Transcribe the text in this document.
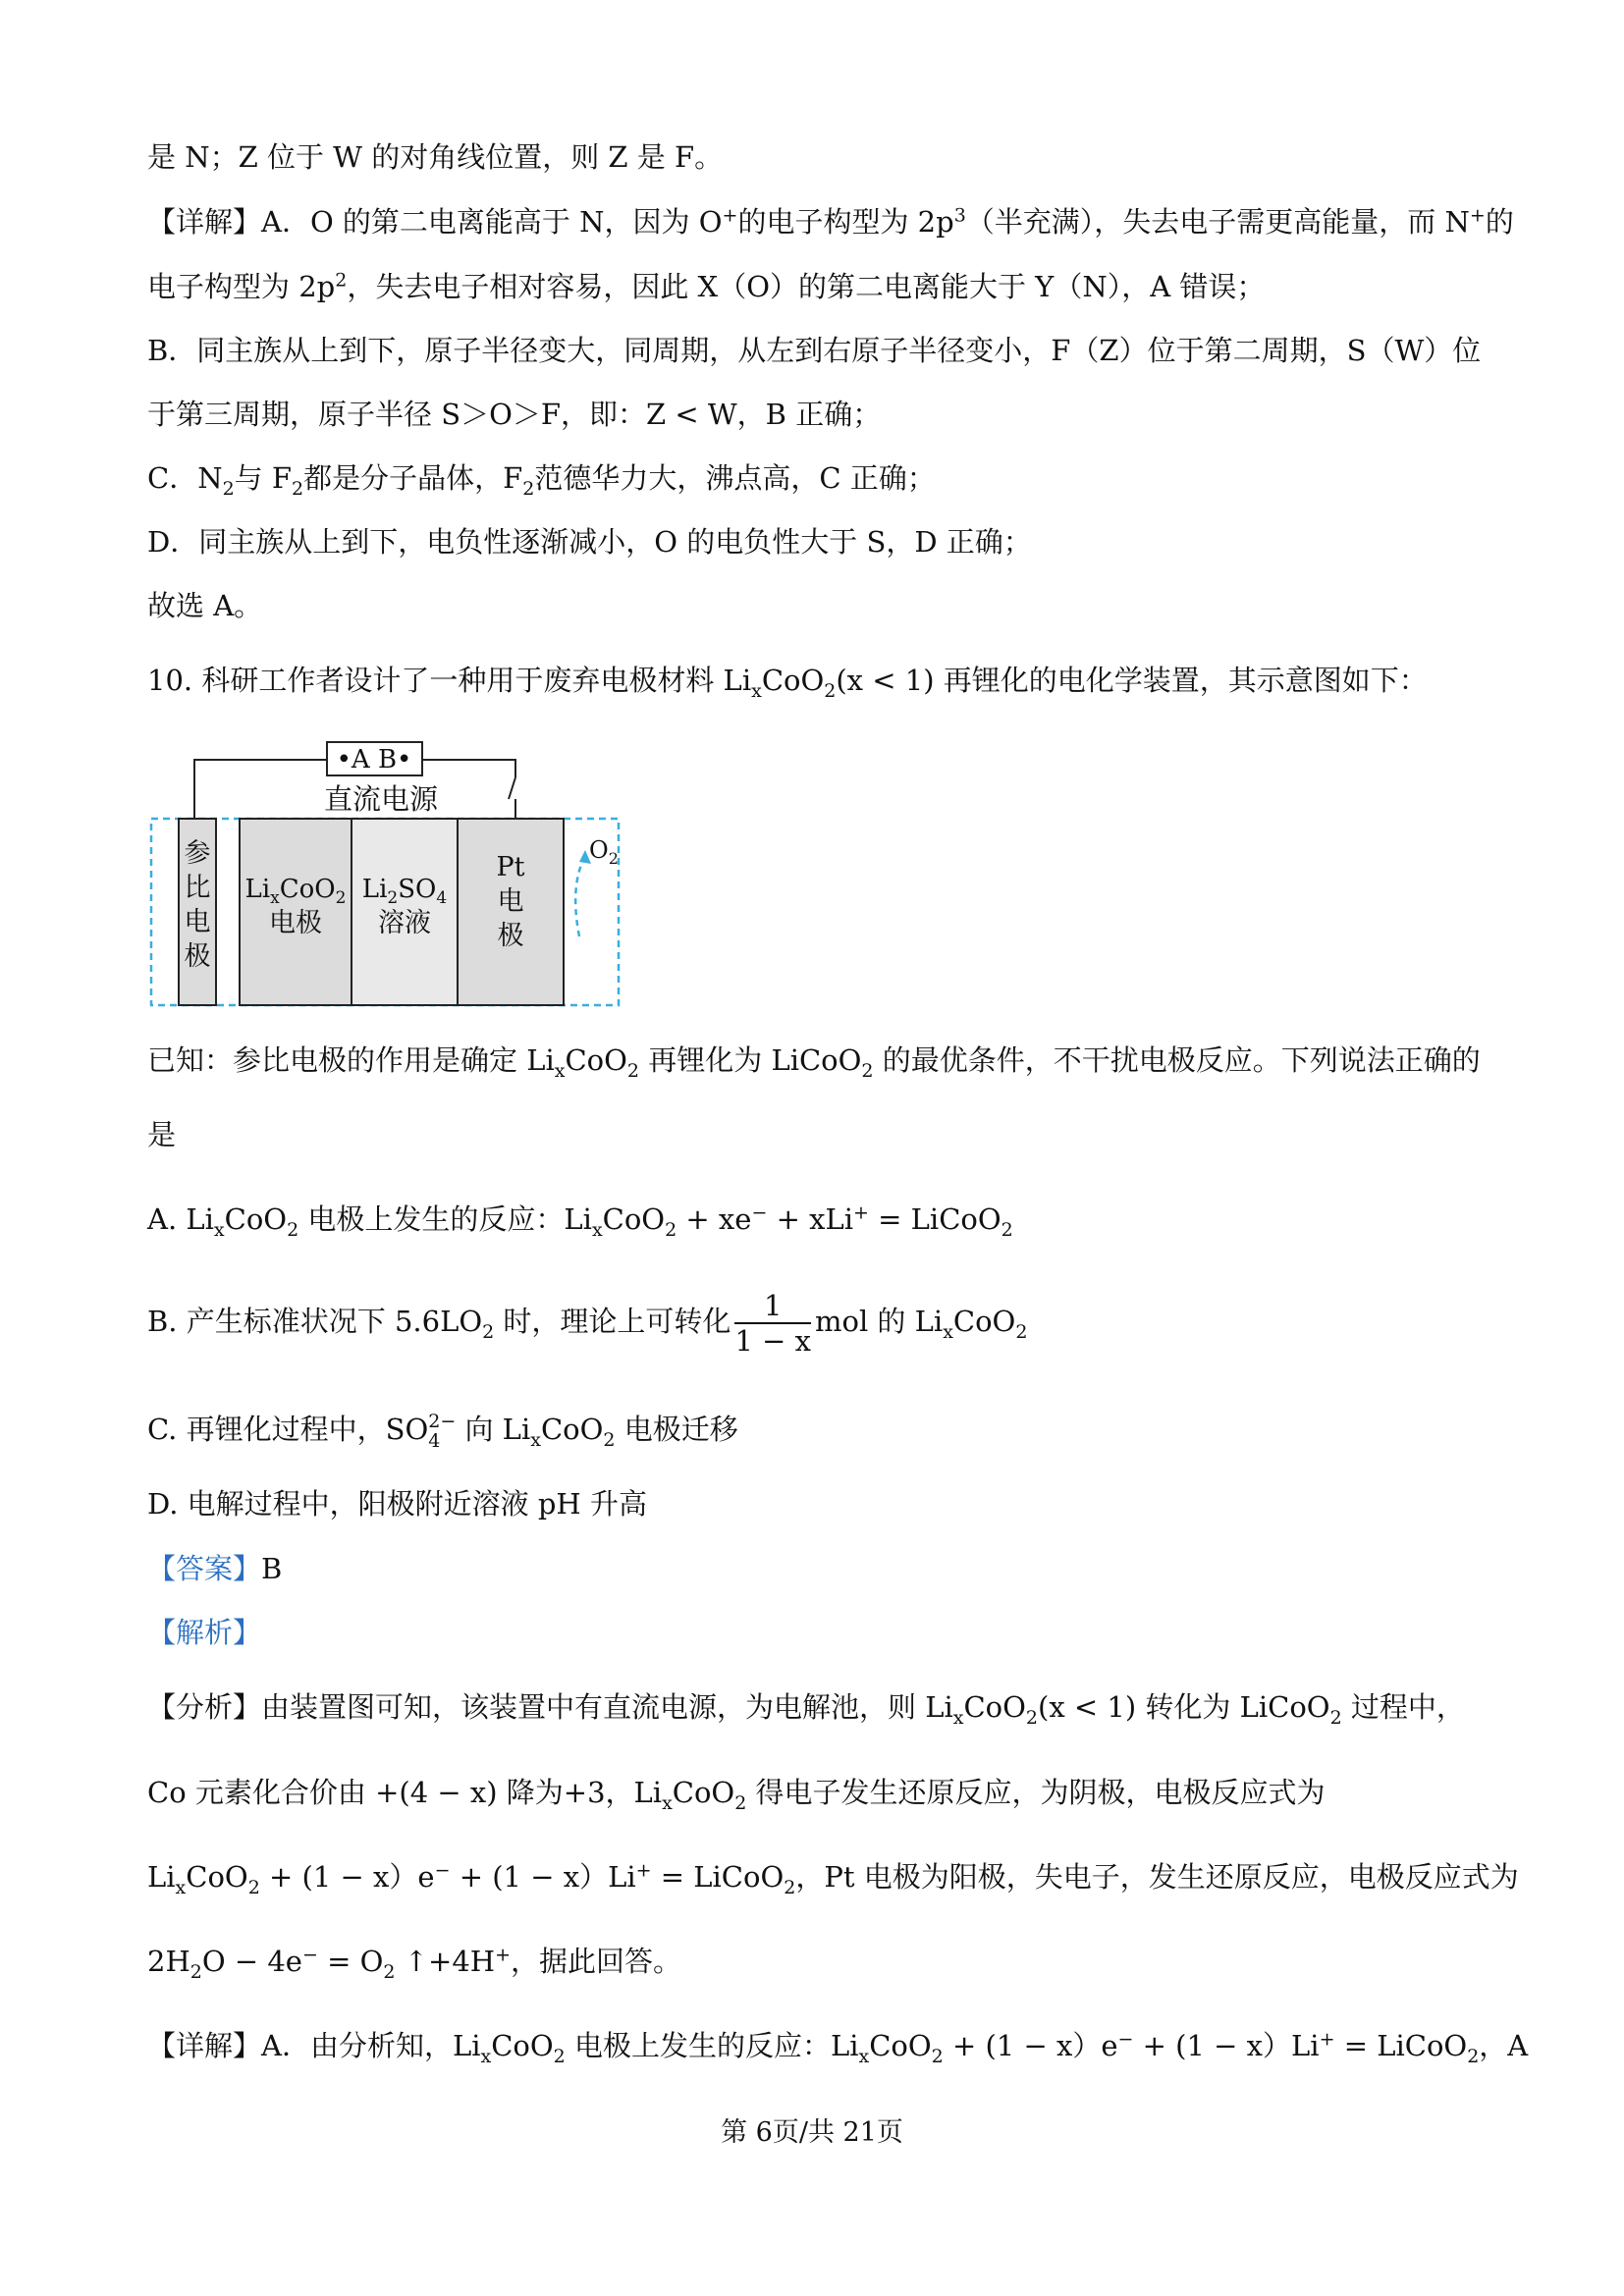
是 N；Z 位于 W 的对角线位置，则 Z 是 F。
【详解】A．O 的第二电离能高于 N，因为 O+的电子构型为 $2p^3$（半充满），失去电子需更高能量，而 N+的
电子构型为 $2p^2$，失去电子相对容易，因此 X（O）的第二电离能大于 Y（N），A 错误；
B．同主族从上到下，原子半径变大，同周期，从左到右原子半径变小，F（Z）位于第二周期，S（W）位
于第三周期，原子半径 S＞O＞F，即：Z < W，B 正确；
C．$N_2$与 $F_2$都是分子晶体，$F_2$范德华力大，沸点高，C 正确；
D．同主族从上到下，电负性逐渐减小，O 的电负性大于 S，D 正确；
故选 A。
10. 科研工作者设计了一种用于废弃电极材料 $Li_xCoO_2(x < 1)$ 再锂化的电化学装置，其示意图如下：
•A B•
直流电源
参
比
电
极
$Li_xCoO_2$
电极
$Li_2SO_4$
溶液
Pt
电
极
$O_2$
已知：参比电极的作用是确定 $Li_xCoO_2$ 再锂化为 LiCoO$_2$ 的最优条件，不干扰电极反应。下列说法正确的
是
A. $Li_xCoO_2$ 电极上发生的反应：$Li_xCoO_2 + xe^- + xLi^+$ = LiCoO$_2$
B. 产生标准状况下 $5.6LO_2$ 时，理论上可转化 $\frac{1}{1 - x}$ mol 的 $Li_xCoO_2$
C. 再锂化过程中，SO 2−
4 向 $Li_xCoO_2$ 电极迁移
D. 电解过程中，阳极附近溶液 pH 升高
【答案】B
【解析】
【分析】由装置图可知，该装置中有直流电源，为电解池，则 $Li_xCoO_2(x < 1)$ 转化为 LiCoO$_2$ 过程中，
Co 元素化合价由 +(4 − x) 降为+3，$Li_xCoO_2$ 得电子发生还原反应，为阴极，电极反应式为
$Li_xCoO_2 + (1 - x)e^- + (1 - x)Li^+$ = LiCoO$_2$，Pt 电极为阳极，失电子，发生还原反应，电极反应式为
$2H_2O - 4e^- = O_2$ ↑+4H+，据此回答。
【详解】A．由分析知，$Li_xCoO_2$ 电极上发生的反应：$Li_xCoO_2 + (1 - x)e^- + (1 - x)Li^+$ = LiCoO$_2$，A
第 6页/共 21页
